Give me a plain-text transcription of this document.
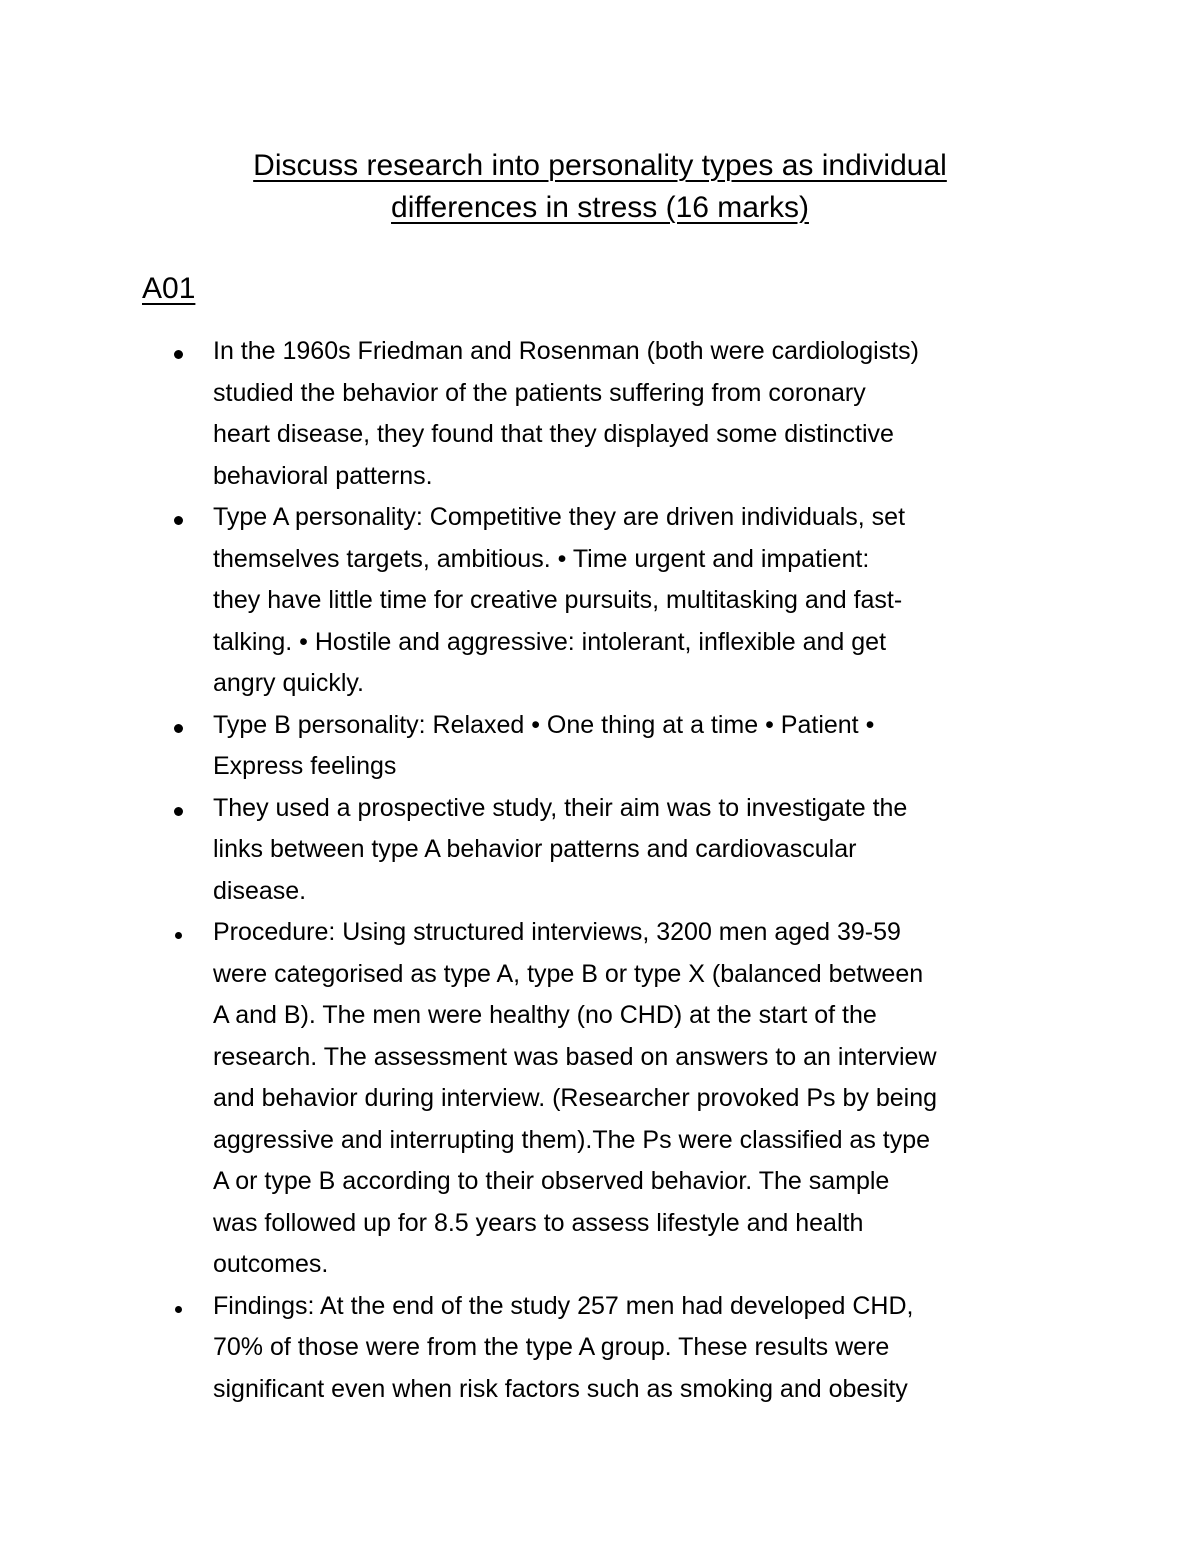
Discuss research into personality types as individual
differences in stress (16 marks)
A01
In the 1960s Friedman and Rosenman (both were cardiologists)
studied the behavior of the patients suffering from coronary
heart disease, they found that they displayed some distinctive
behavioral patterns.
Type A personality: Competitive they are driven individuals, set
themselves targets, ambitious. • Time urgent and impatient:
they have little time for creative pursuits, multitasking and fast-
talking. • Hostile and aggressive: intolerant, inflexible and get
angry quickly.
Type B personality: Relaxed • One thing at a time • Patient •
Express feelings
They used a prospective study, their aim was to investigate the
links between type A behavior patterns and cardiovascular
disease.
Procedure: Using structured interviews, 3200 men aged 39-59
were categorised as type A, type B or type X (balanced between
A and B). The men were healthy (no CHD) at the start of the
research. The assessment was based on answers to an interview
and behavior during interview. (Researcher provoked Ps by being
aggressive and interrupting them).The Ps were classified as type
A or type B according to their observed behavior. The sample
was followed up for 8.5 years to assess lifestyle and health
outcomes.
Findings: At the end of the study 257 men had developed CHD,
70% of those were from the type A group. These results were
significant even when risk factors such as smoking and obesity
